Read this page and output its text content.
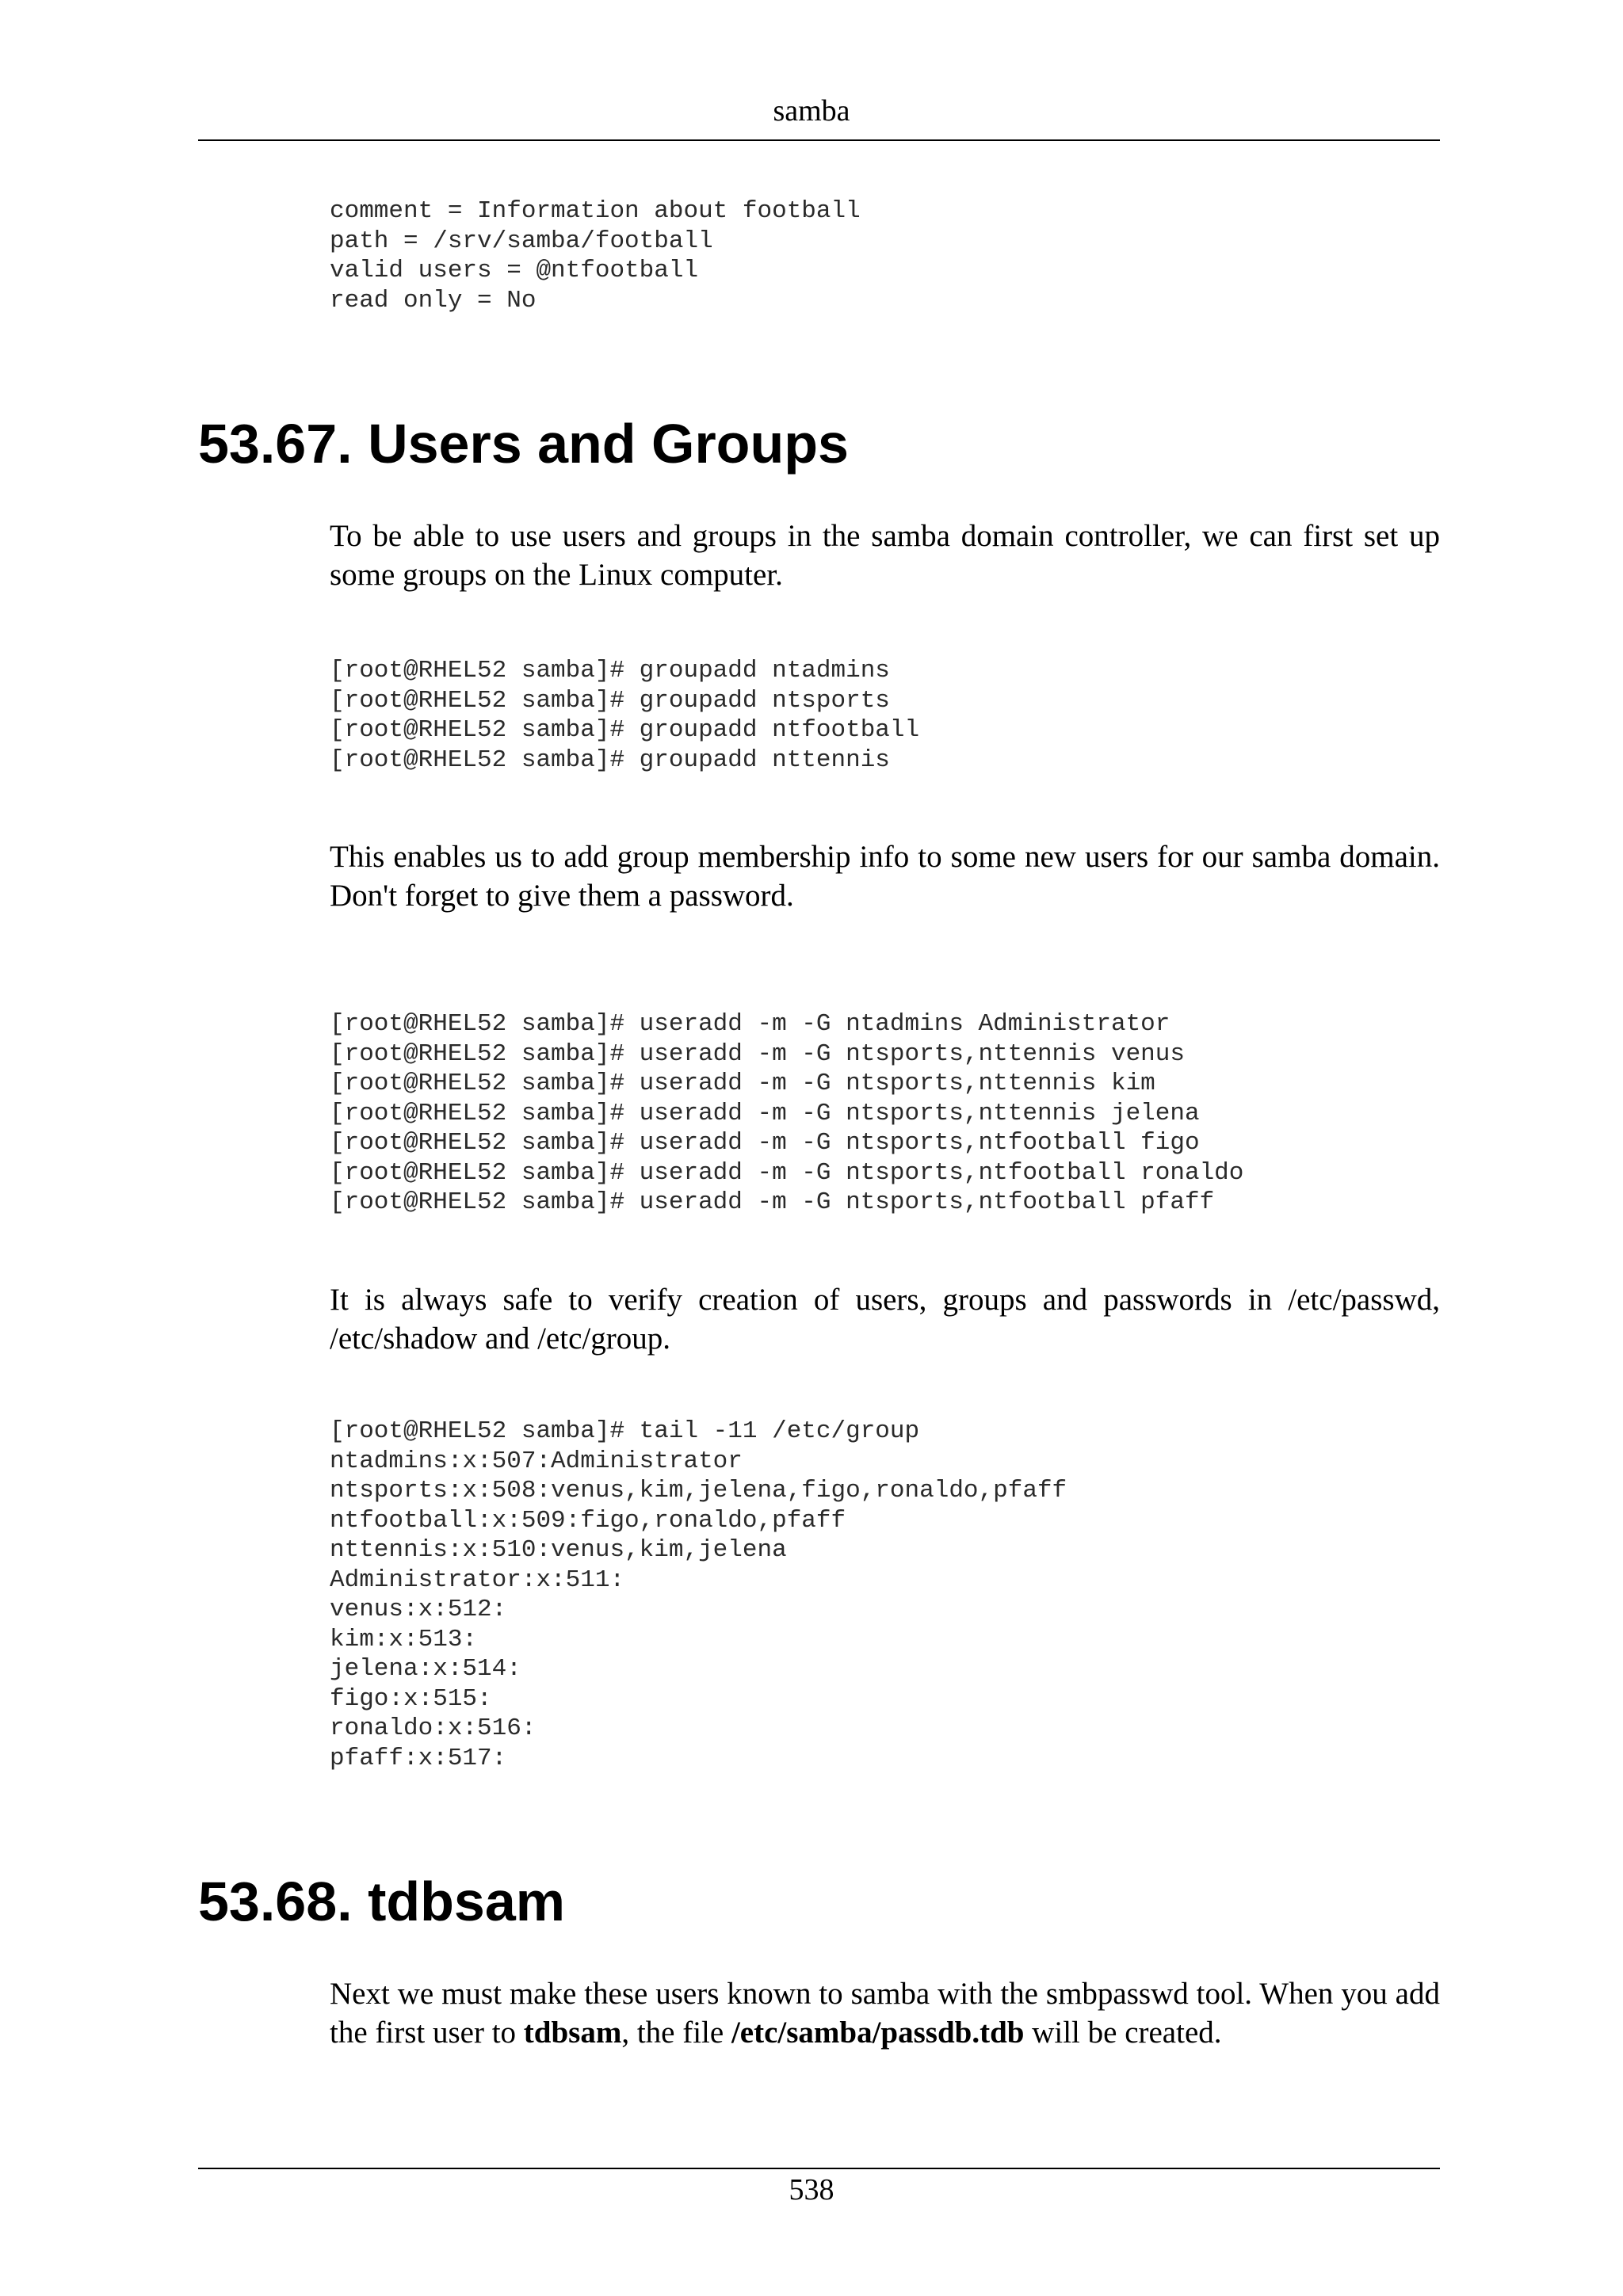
samba
comment = Information about football
path = /srv/samba/football
valid users = @ntfootball
read only = No
53.67. Users and Groups

To be able to use users and groups in the samba domain controller, we can first set up some groups on the Linux computer.

[root@RHEL52 samba]# groupadd ntadmins
[root@RHEL52 samba]# groupadd ntsports
[root@RHEL52 samba]# groupadd ntfootball
[root@RHEL52 samba]# groupadd nttennis

This enables us to add group membership info to some new users for our samba domain. Don't forget to give them a password.

[root@RHEL52 samba]# useradd -m -G ntadmins Administrator
[root@RHEL52 samba]# useradd -m -G ntsports,nttennis venus
[root@RHEL52 samba]# useradd -m -G ntsports,nttennis kim
[root@RHEL52 samba]# useradd -m -G ntsports,nttennis jelena
[root@RHEL52 samba]# useradd -m -G ntsports,ntfootball figo
[root@RHEL52 samba]# useradd -m -G ntsports,ntfootball ronaldo
[root@RHEL52 samba]# useradd -m -G ntsports,ntfootball pfaff

It is always safe to verify creation of users, groups and passwords in /etc/passwd, /etc/shadow and /etc/group.

[root@RHEL52 samba]# tail -11 /etc/group
ntadmins:x:507:Administrator
ntsports:x:508:venus,kim,jelena,figo,ronaldo,pfaff
ntfootball:x:509:figo,ronaldo,pfaff
nttennis:x:510:venus,kim,jelena
Administrator:x:511:
venus:x:512:
kim:x:513:
jelena:x:514:
figo:x:515:
ronaldo:x:516:
pfaff:x:517:
53.68. tdbsam

Next we must make these users known to samba with the smbpasswd tool. When you add the first user to tdbsam, the file /etc/samba/passdb.tdb will be created.

538
